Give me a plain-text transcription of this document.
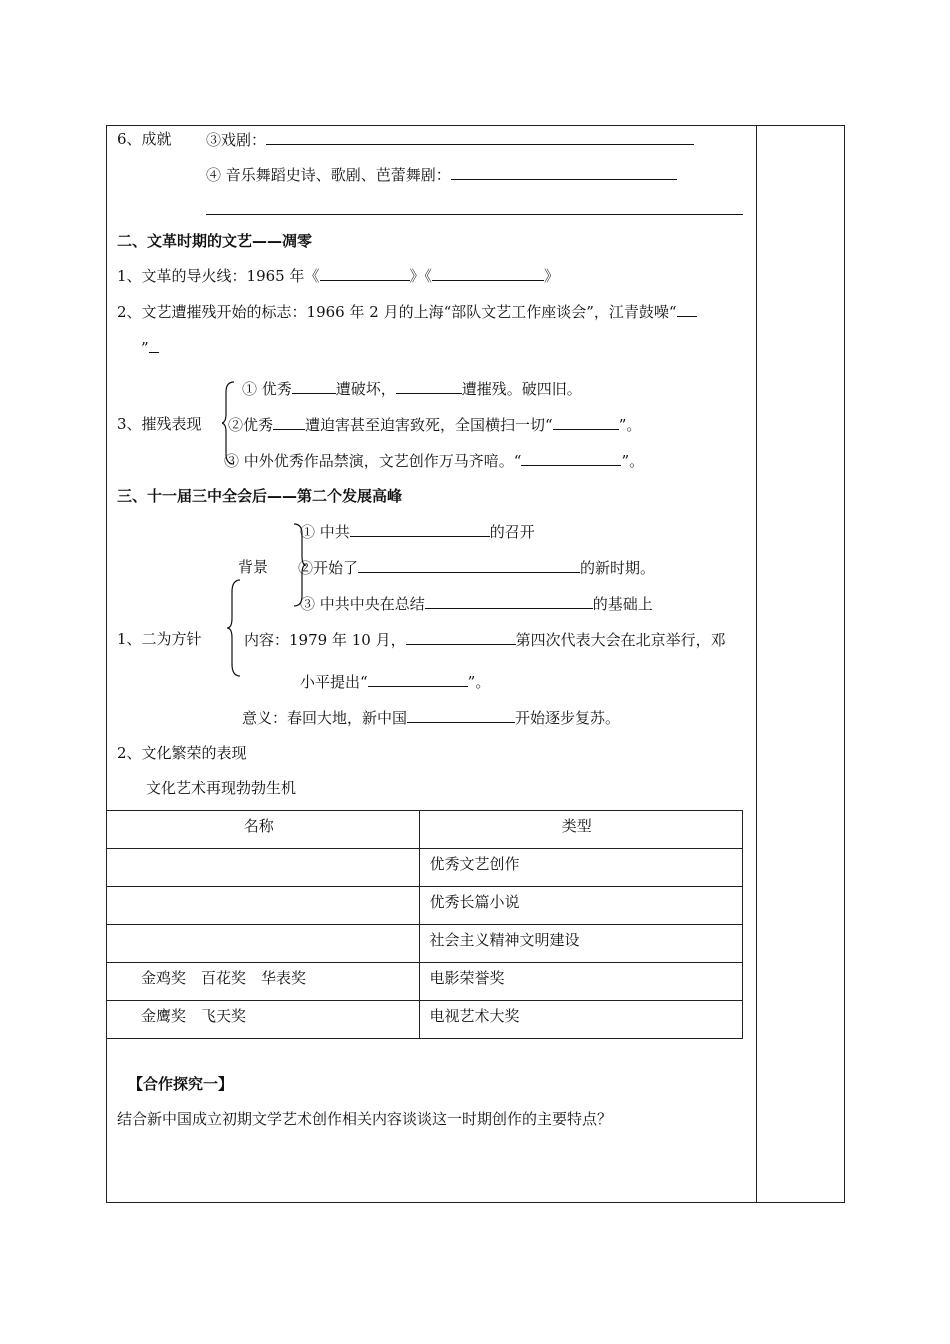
6、成就 ③戏剧：
④ 音乐舞蹈史诗、歌剧、芭蕾舞剧：
二、文革时期的文艺——凋零
1、文革的导火线：1965 年《	》《	》
2、文艺遭摧残开始的标志：1966 年 2 月的上海“部队文艺工作座谈会”，江青鼓噪“
”
3、摧残表现
① 优秀	遭破坏，	遭摧残。破四旧。
②优秀 遭迫害甚至迫害致死，全国横扫一切“	”。
③ 中外优秀作品禁演，文艺创作万马齐喑。“	”。
三、十一届三中全会后——第二个发展高峰
① 中共	的召开
背景 ②开始了	的新时期。
③ 中共中央在总结	的基础上
1、二为方针	内容：1979 年 10 月，	第四次代表大会在北京举行，邓
小平提出“	”。
意义：春回大地，新中国	开始逐步复苏。
2、文化繁荣的表现
文化艺术再现勃勃生机
名称	类型
	优秀文艺创作
	优秀长篇小说
	社会主义精神文明建设
金鸡奖　百花奖　华表奖	电影荣誉奖
金鹰奖　飞天奖	电视艺术大奖
【合作探究一】
结合新中国成立初期文学艺术创作相关内容谈谈这一时期创作的主要特点？
